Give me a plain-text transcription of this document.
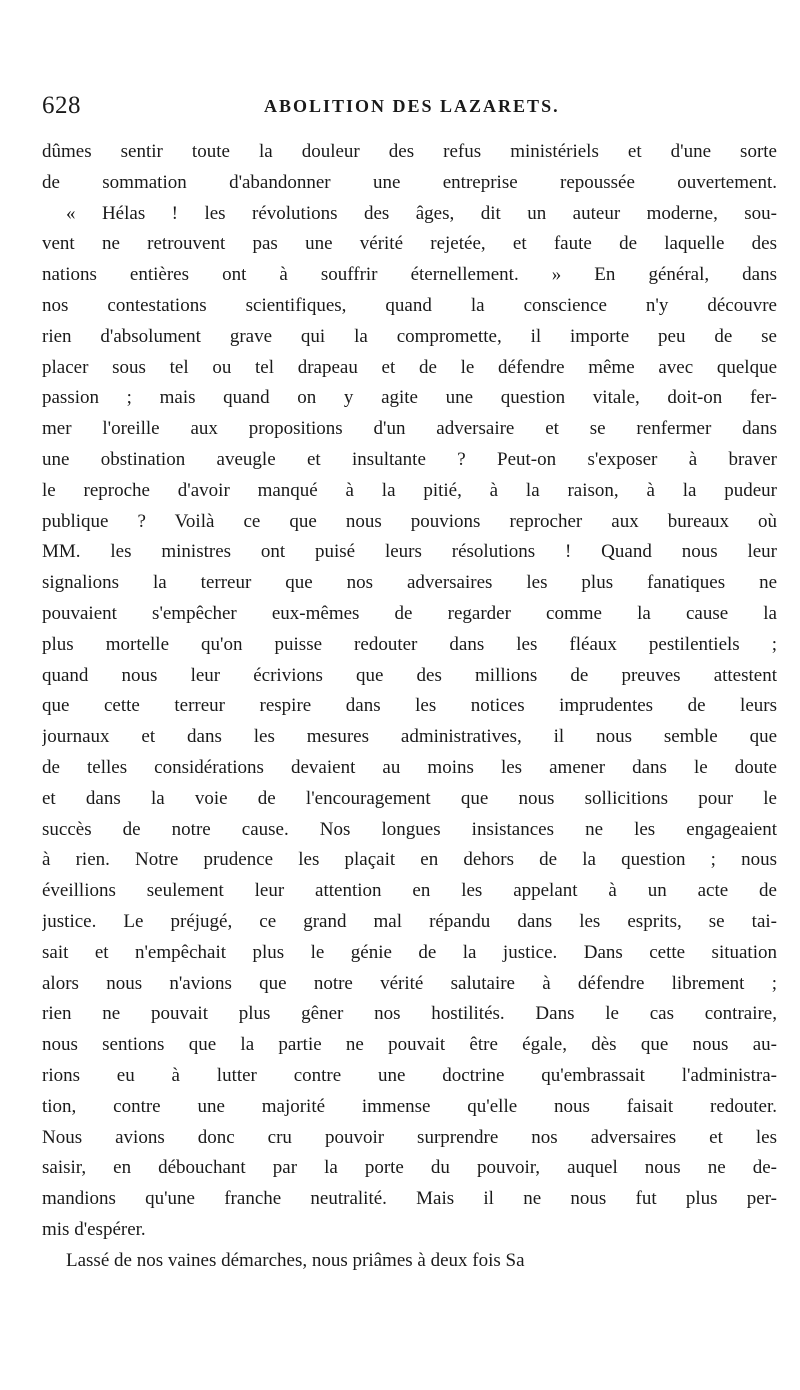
628	ABOLITION DES LAZARETS.
dûmes sentir toute la douleur des refus ministériels et d'une sorte
de sommation d'abandonner une entreprise repoussée ouvertement.
« Hélas ! les révolutions des âges, dit un auteur moderne, sou-
vent ne retrouvent pas une vérité rejetée, et faute de laquelle des
nations entières ont à souffrir éternellement. » En général, dans
nos contestations scientifiques, quand la conscience n'y découvre
rien d'absolument grave qui la compromette, il importe peu de se
placer sous tel ou tel drapeau et de le défendre même avec quelque
passion ; mais quand on y agite une question vitale, doit-on fer-
mer l'oreille aux propositions d'un adversaire et se renfermer dans
une obstination aveugle et insultante ? Peut-on s'exposer à braver
le reproche d'avoir manqué à la pitié, à la raison, à la pudeur
publique ? Voilà ce que nous pouvions reprocher aux bureaux où
MM. les ministres ont puisé leurs résolutions ! Quand nous leur
signalions la terreur que nos adversaires les plus fanatiques ne
pouvaient s'empêcher eux-mêmes de regarder comme la cause la
plus mortelle qu'on puisse redouter dans les fléaux pestilentiels ;
quand nous leur écrivions que des millions de preuves attestent
que cette terreur respire dans les notices imprudentes de leurs
journaux et dans les mesures administratives, il nous semble que
de telles considérations devaient au moins les amener dans le doute
et dans la voie de l'encouragement que nous sollicitions pour le
succès de notre cause. Nos longues insistances ne les engageaient
à rien. Notre prudence les plaçait en dehors de la question ; nous
éveillions seulement leur attention en les appelant à un acte de
justice. Le préjugé, ce grand mal répandu dans les esprits, se tai-
sait et n'empêchait plus le génie de la justice. Dans cette situation
alors nous n'avions que notre vérité salutaire à défendre librement ;
rien ne pouvait plus gêner nos hostilités. Dans le cas contraire,
nous sentions que la partie ne pouvait être égale, dès que nous au-
rions eu à lutter contre une doctrine qu'embrassait l'administra-
tion, contre une majorité immense qu'elle nous faisait redouter.
Nous avions donc cru pouvoir surprendre nos adversaires et les
saisir, en débouchant par la porte du pouvoir, auquel nous ne de-
mandions qu'une franche neutralité. Mais il ne nous fut plus per-
mis d'espérer.
Lassé de nos vaines démarches, nous priâmes à deux fois Sa
